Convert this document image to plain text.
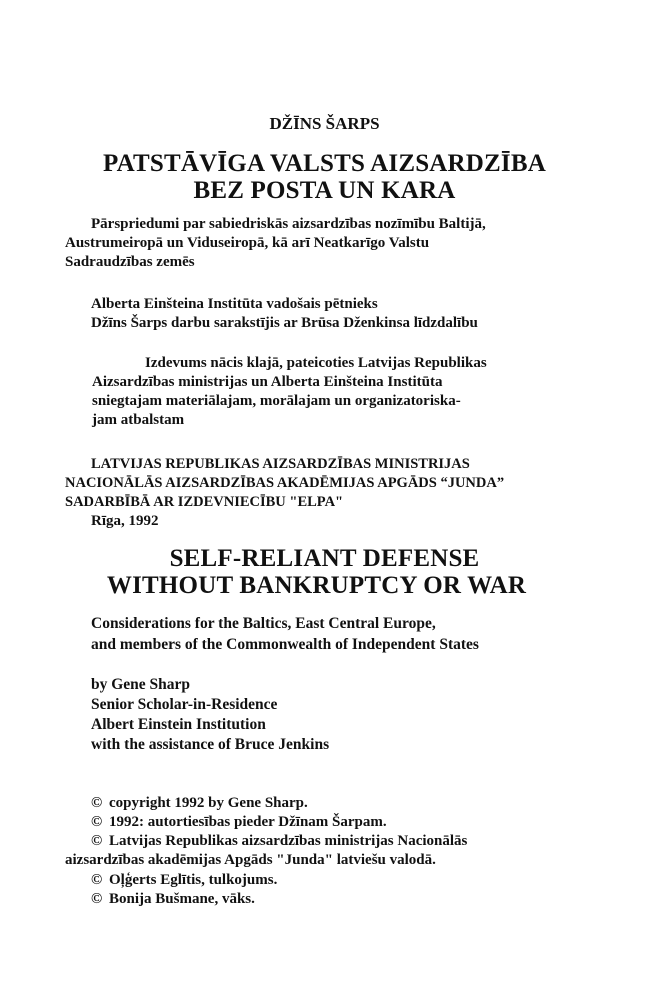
DŽĪNS ŠARPS
PATSTĀVĪGA VALSTS AIZSARDZĪBA
BEZ POSTA UN KARA
Pārspriedumi par sabiedriskās aizsardzības nozīmību Baltijā,
Austrumeiropā un Viduseiropā, kā arī Neatkarīgo Valstu
Sadraudzības zemēs
Alberta Einšteina Institūta vadošais pētnieks
Džīns Šarps darbu sarakstījis ar Brūsa Dženkinsa līdzdalību
Izdevums nācis klajā, pateicoties Latvijas Republikas
Aizsardzības ministrijas un Alberta Einšteina Institūta
sniegtajam materiālajam, morālajam un organizatoriska-
jam atbalstam
LATVIJAS REPUBLIKAS AIZSARDZĪBAS MINISTRIJAS
NACIONĀLĀS AIZSARDZĪBAS AKADĒMIJAS APGĀDS “JUNDA”
SADARBĪBĀ AR IZDEVNIECĪBU "ELPA"
Rīga, 1992
SELF-RELIANT DEFENSE
WITHOUT BANKRUPTCY OR WAR
Considerations for the Baltics, East Central Europe,
and members of the Commonwealth of Independent States
by Gene Sharp
Senior Scholar-in-Residence
Albert Einstein Institution
with the assistance of Bruce Jenkins
© copyright 1992 by Gene Sharp.
© 1992: autortiesības pieder Džīnam Šarpam.
© Latvijas Republikas aizsardzības ministrijas Nacionālās
aizsardzības akadēmijas Apgāds "Junda" latviešu valodā.
© Oļģerts Eglītis, tulkojums.
© Bonija Bušmane, vāks.
